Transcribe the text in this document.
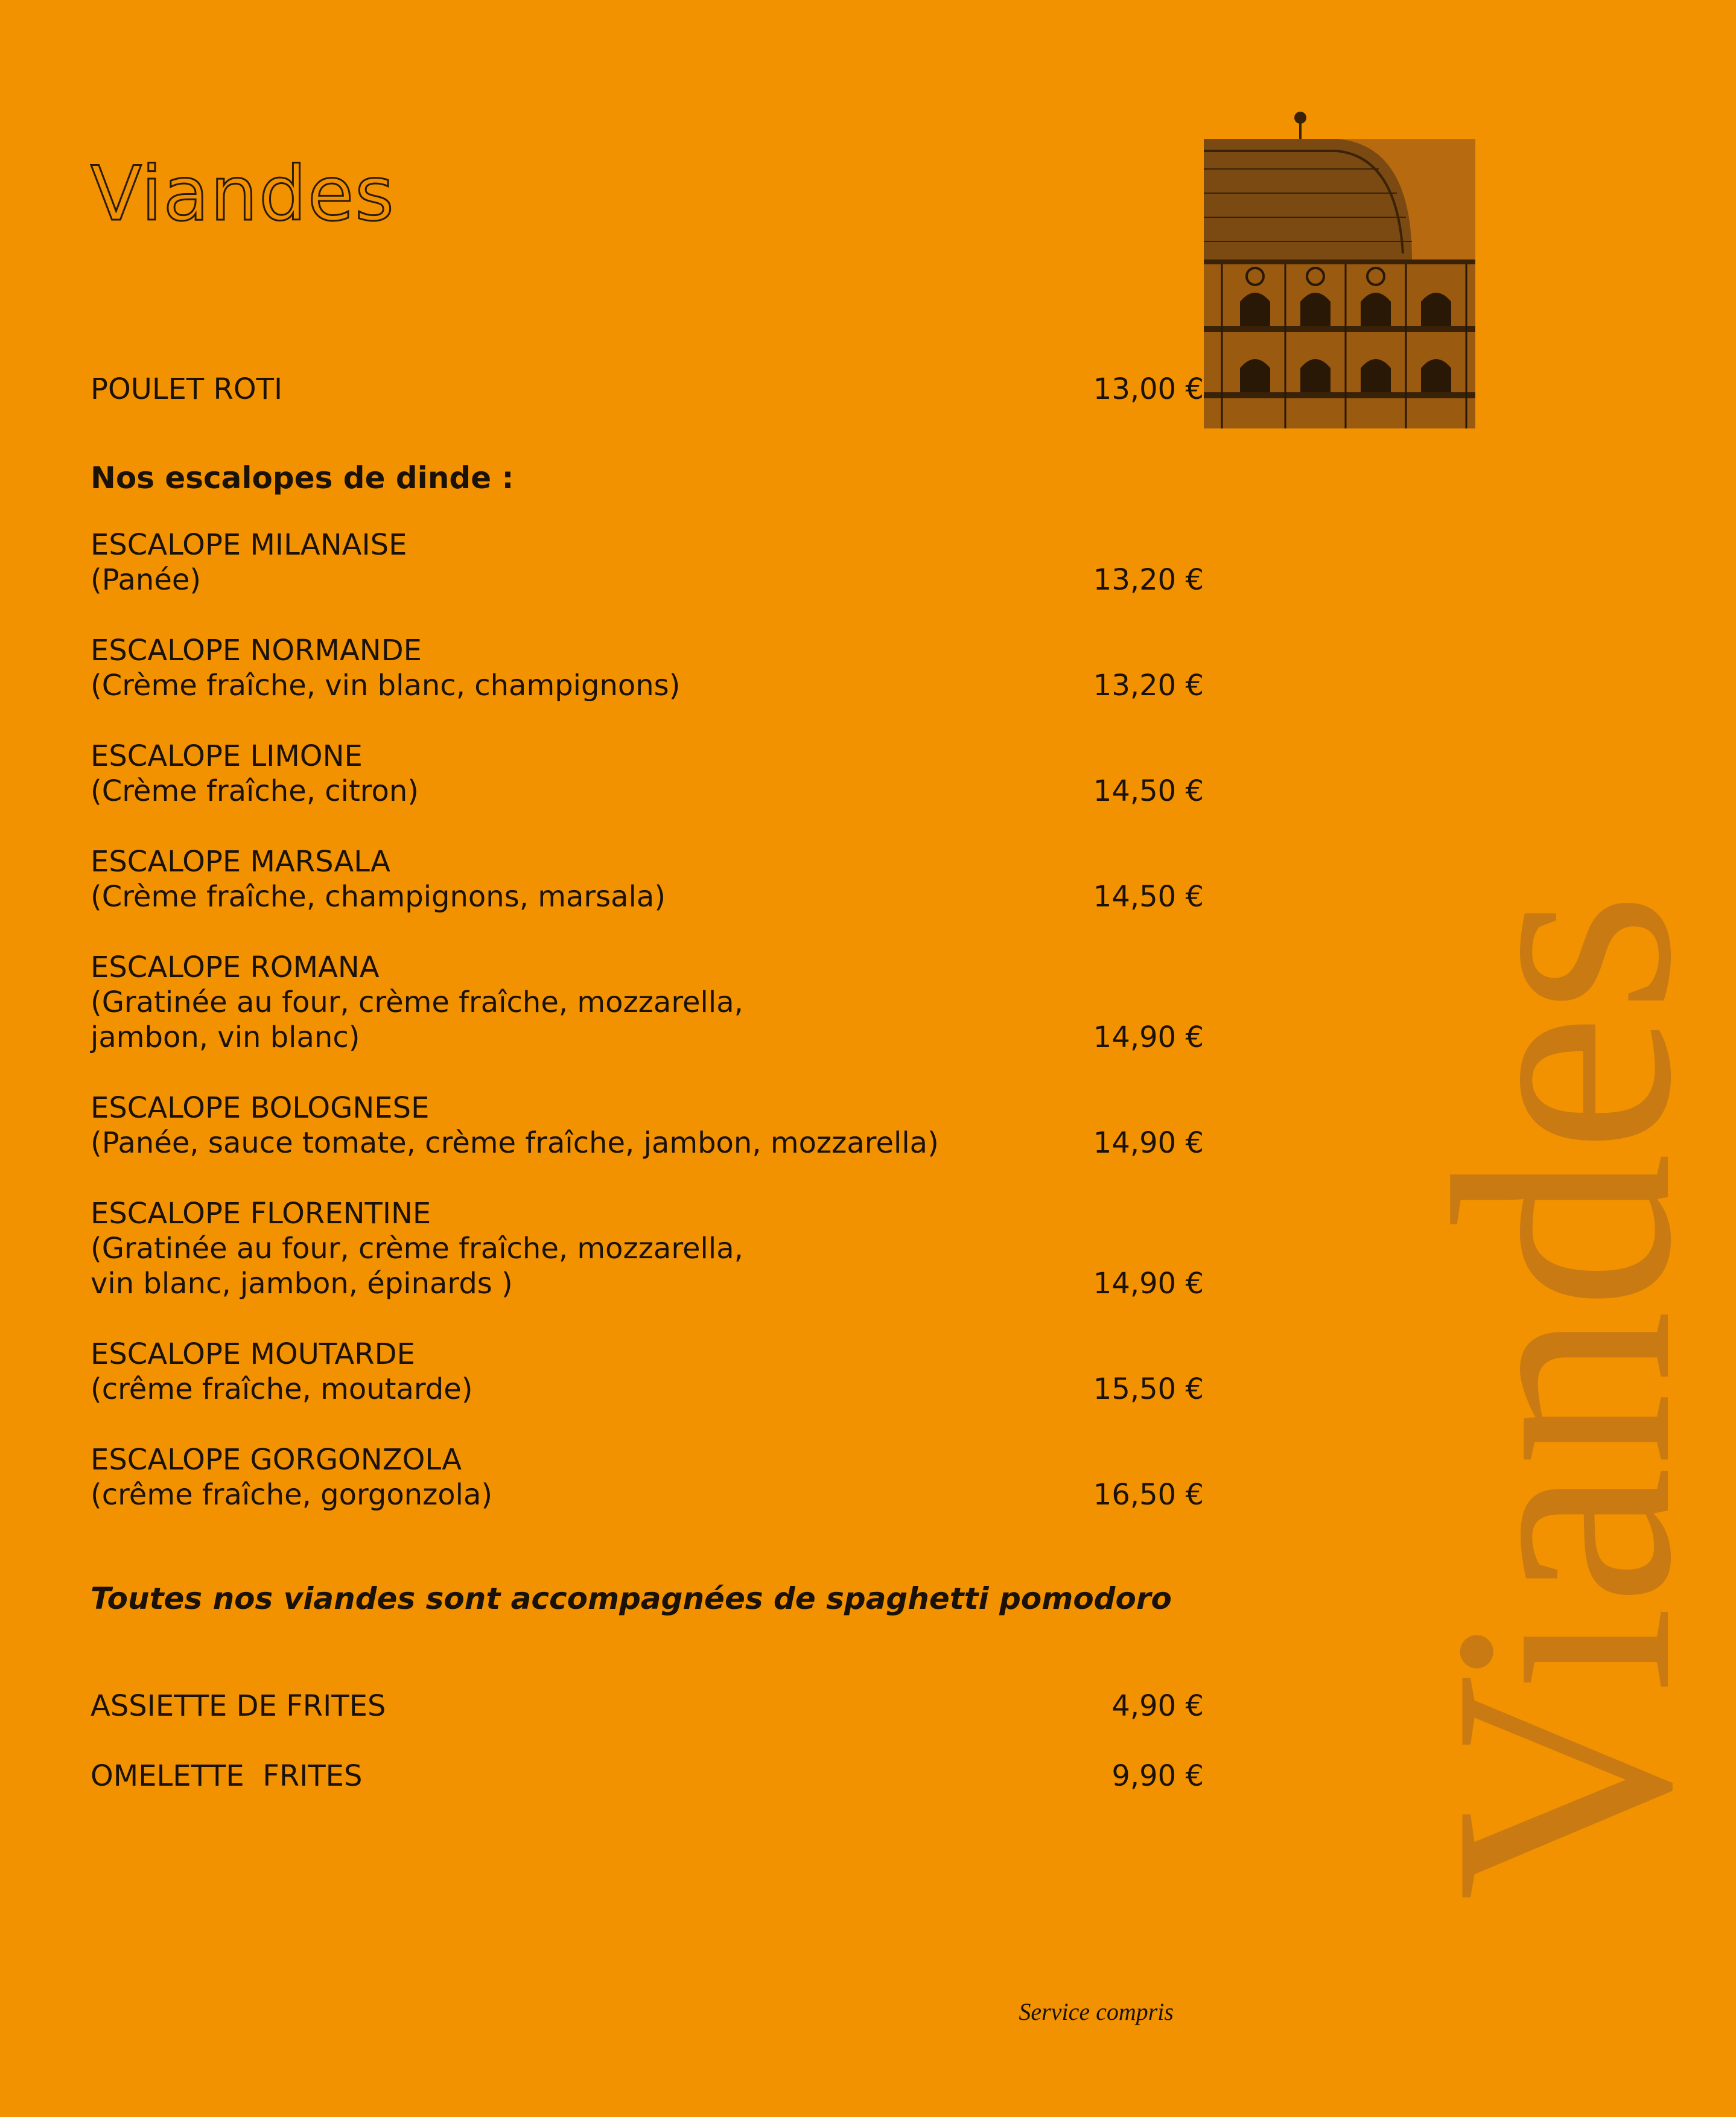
Viandes
Viandes
POULET ROTI	13,00 €
Nos escalopes de dinde :
ESCALOPE MILANAISE
(Panée)	13,20 €
ESCALOPE NORMANDE
(Crème fraîche, vin blanc, champignons)	13,20 €
ESCALOPE LIMONE
(Crème fraîche, citron)	14,50 €
ESCALOPE MARSALA
(Crème fraîche, champignons, marsala)	14,50 €
ESCALOPE ROMANA
(Gratinée au four, crème fraîche, mozzarella,
jambon, vin blanc)	14,90 €
ESCALOPE BOLOGNESE
(Panée, sauce tomate, crème fraîche, jambon, mozzarella)	14,90 €
ESCALOPE FLORENTINE
(Gratinée au four, crème fraîche, mozzarella,
vin blanc, jambon, épinards )	14,90 €
ESCALOPE MOUTARDE
(crême fraîche, moutarde)	15,50 €
ESCALOPE GORGONZOLA
(crême fraîche, gorgonzola)	16,50 €
Toutes nos viandes sont accompagnées de spaghetti pomodoro
ASSIETTE DE FRITES	4,90 €
OMELETTE  FRITES	9,90 €
Service compris
